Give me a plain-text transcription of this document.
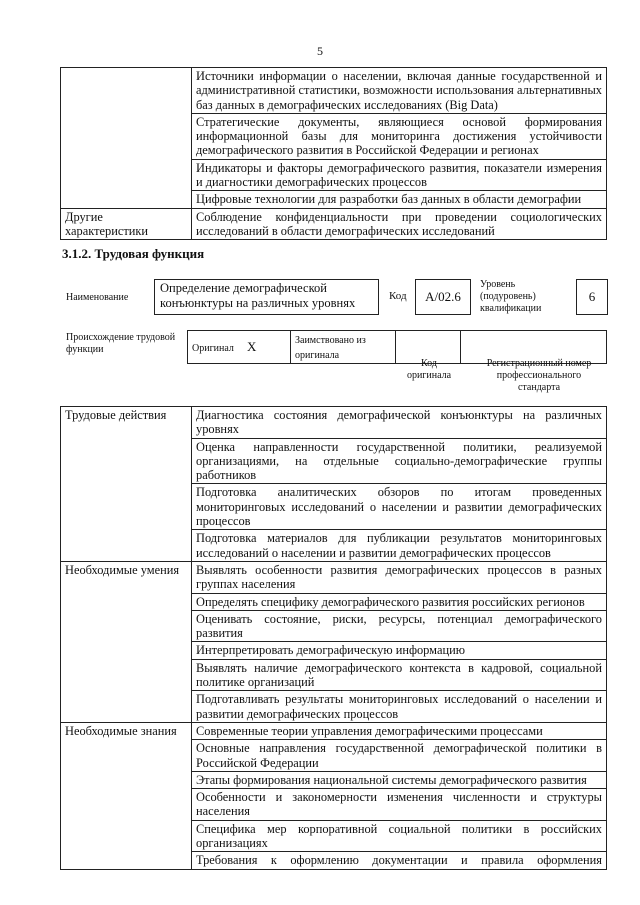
5
	Источники информации о населении, включая данные государственной и административной статистики, возможности использования альтернативных баз данных в демографических исследованиях (Big Data)
	Стратегические документы, являющиеся основой формирования информационной базы для мониторинга достижения устойчивости демографического развития в Российской Федерации и регионах
	Индикаторы и факторы демографического развития, показатели измерения и диагностики демографических процессов
	Цифровые технологии для разработки баз данных в области демографии
Другие характеристики	Соблюдение конфиденциальности при проведении социологических исследований в области демографических исследований
3.1.2. Трудовая функция
Наименование
Определение демографической конъюнктуры на различных уровнях	Код	A/02.6
Уровень (подуровень) квалификации
6
Происхождение трудовой функции	Оригинал X	Заимствовано из оригинала		
Код оригинала
Регистрационный номер профессионального стандарта
Трудовые действия	Диагностика состояния демографической конъюнктуры на различных уровнях
	Оценка направленности государственной политики, реализуемой организациями, на отдельные социально-демографические группы работников
	Подготовка аналитических обзоров по итогам проведенных мониторинговых исследований о населении и развитии демографических процессов
	Подготовка материалов для публикации результатов мониторинговых исследований о населении и развитии демографических процессов
Необходимые умения	Выявлять особенности развития демографических процессов в разных группах населения
	Определять специфику демографического развития российских регионов
	Оценивать состояние, риски, ресурсы, потенциал демографического развития
	Интерпретировать демографическую информацию
	Выявлять наличие демографического контекста в кадровой, социальной политике организаций
	Подготавливать результаты мониторинговых исследований о населении и развитии демографических процессов
Необходимые знания	Современные теории управления демографическими процессами
	Основные направления государственной демографической политики в Российской Федерации
	Этапы формирования национальной системы демографического развития
	Особенности и закономерности изменения численности и структуры населения
	Специфика мер корпоративной социальной политики в российских организациях
	Требования к оформлению документации и правила оформления
